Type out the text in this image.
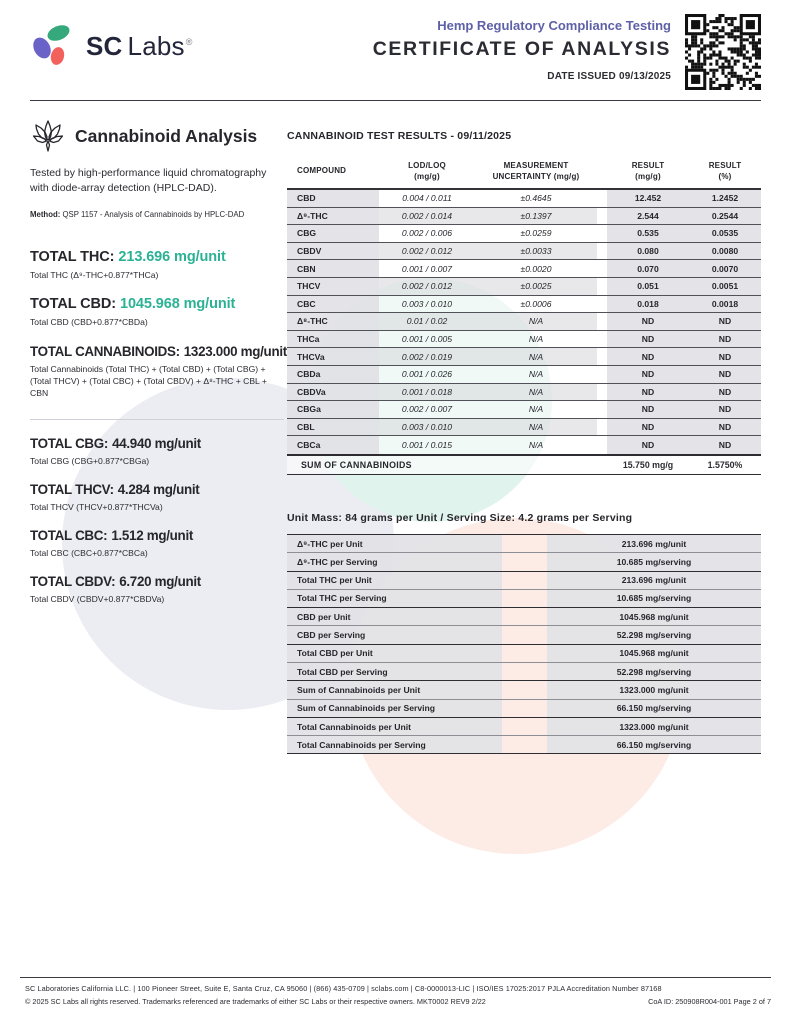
SC Labs®
Hemp Regulatory Compliance Testing
CERTIFICATE OF ANALYSIS
DATE ISSUED 09/13/2025
Cannabinoid Analysis

Tested by high-performance liquid chromatography with diode-array detection (HPLC-DAD).

Method: QSP 1157 - Analysis of Cannabinoids by HPLC-DAD

TOTAL THC: 213.696 mg/unit
Total THC (Δ⁹-THC+0.877*THCa)
TOTAL CBD: 1045.968 mg/unit
Total CBD (CBD+0.877*CBDa)
TOTAL CANNABINOIDS: 1323.000 mg/unit
Total Cannabinoids (Total THC) + (Total CBD) + (Total CBG) + (Total THCV) + (Total CBC) + (Total CBDV) + Δ⁸-THC + CBL + CBN
TOTAL CBG: 44.940 mg/unit
Total CBG (CBG+0.877*CBGa)
TOTAL THCV: 4.284 mg/unit
Total THCV (THCV+0.877*THCVa)
TOTAL CBC: 1.512 mg/unit
Total CBC (CBC+0.877*CBCa)
TOTAL CBDV: 6.720 mg/unit
Total CBDV (CBDV+0.877*CBDVa)
CANNABINOID TEST RESULTS - 09/11/2025
COMPOUND
LOD/LOQ
(mg/g)
MEASUREMENT
UNCERTAINTY (mg/g)
RESULT
(mg/g)
RESULT
(%)
CBD	0.004 / 0.011	±0.4645	12.452	1.2452
Δ⁹-THC	0.002 / 0.014	±0.1397	2.544	0.2544
CBG	0.002 / 0.006	±0.0259	0.535	0.0535
CBDV	0.002 / 0.012	±0.0033	0.080	0.0080
CBN	0.001 / 0.007	±0.0020	0.070	0.0070
THCV	0.002 / 0.012	±0.0025	0.051	0.0051
CBC	0.003 / 0.010	±0.0006	0.018	0.0018
Δ⁸-THC	0.01 / 0.02	N/A	ND	ND
THCa	0.001 / 0.005	N/A	ND	ND
THCVa	0.002 / 0.019	N/A	ND	ND
CBDa	0.001 / 0.026	N/A	ND	ND
CBDVa	0.001 / 0.018	N/A	ND	ND
CBGa	0.002 / 0.007	N/A	ND	ND
CBL	0.003 / 0.010	N/A	ND	ND
CBCa	0.001 / 0.015	N/A	ND	ND
SUM OF CANNABINOIDS	15.750 mg/g	1.5750%
Unit Mass: 84 grams per Unit / Serving Size: 4.2 grams per Serving
Δ⁹-THC per Unit	213.696 mg/unit
Δ⁹-THC per Serving	10.685 mg/serving
Total THC per Unit	213.696 mg/unit
Total THC per Serving	10.685 mg/serving
CBD per Unit	1045.968 mg/unit
CBD per Serving	52.298 mg/serving
Total CBD per Unit	1045.968 mg/unit
Total CBD per Serving	52.298 mg/serving
Sum of Cannabinoids per Unit	1323.000 mg/unit
Sum of Cannabinoids per Serving	66.150 mg/serving
Total Cannabinoids per Unit	1323.000 mg/unit
Total Cannabinoids per Serving	66.150 mg/serving
SC Laboratories California LLC. | 100 Pioneer Street, Suite E, Santa Cruz, CA 95060 | (866) 435-0709 | sclabs.com | C8-0000013-LIC | ISO/IES 17025:2017 PJLA Accreditation Number 87168
© 2025 SC Labs all rights reserved. Trademarks referenced are trademarks of either SC Labs or their respective owners. MKT0002 REV9 2/22	CoA ID: 250908R004-001 Page 2 of 7
